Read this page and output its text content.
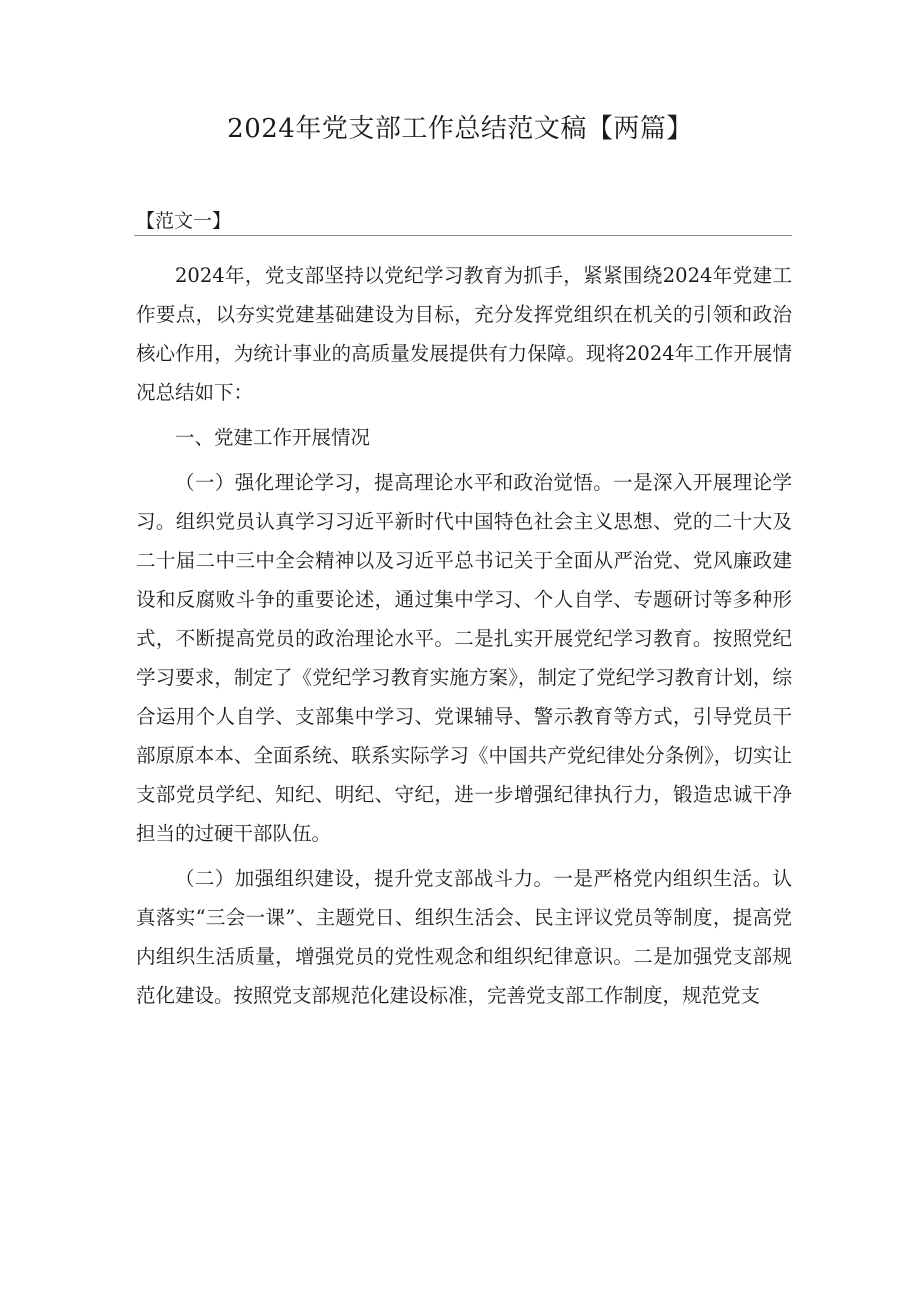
2024年党支部工作总结范文稿【两篇】
【范文一】

2024年，党支部坚持以党纪学习教育为抓手，紧紧围绕2024年党建工作要点，以夯实党建基础建设为目标，充分发挥党组织在机关的引领和政治核心作用，为统计事业的高质量发展提供有力保障。现将2024年工作开展情况总结如下：

一、党建工作开展情况

（一）强化理论学习，提高理论水平和政治觉悟。一是深入开展理论学习。组织党员认真学习习近平新时代中国特色社会主义思想、党的二十大及二十届二中三中全会精神以及习近平总书记关于全面从严治党、党风廉政建设和反腐败斗争的重要论述，通过集中学习、个人自学、专题研讨等多种形式，不断提高党员的政治理论水平。二是扎实开展党纪学习教育。按照党纪学习要求，制定了《党纪学习教育实施方案》，制定了党纪学习教育计划，综合运用个人自学、支部集中学习、党课辅导、警示教育等方式，引导党员干部原原本本、全面系统、联系实际学习《中国共产党纪律处分条例》，切实让支部党员学纪、知纪、明纪、守纪，进一步增强纪律执行力，锻造忠诚干净担当的过硬干部队伍。

（二）加强组织建设，提升党支部战斗力。一是严格党内组织生活。认真落实“三会一课”、主题党日、组织生活会、民主评议党员等制度，提高党内组织生活质量，增强党员的党性观念和组织纪律意识。二是加强党支部规范化建设。按照党支部规范化建设标准，完善党支部工作制度，规范党支
